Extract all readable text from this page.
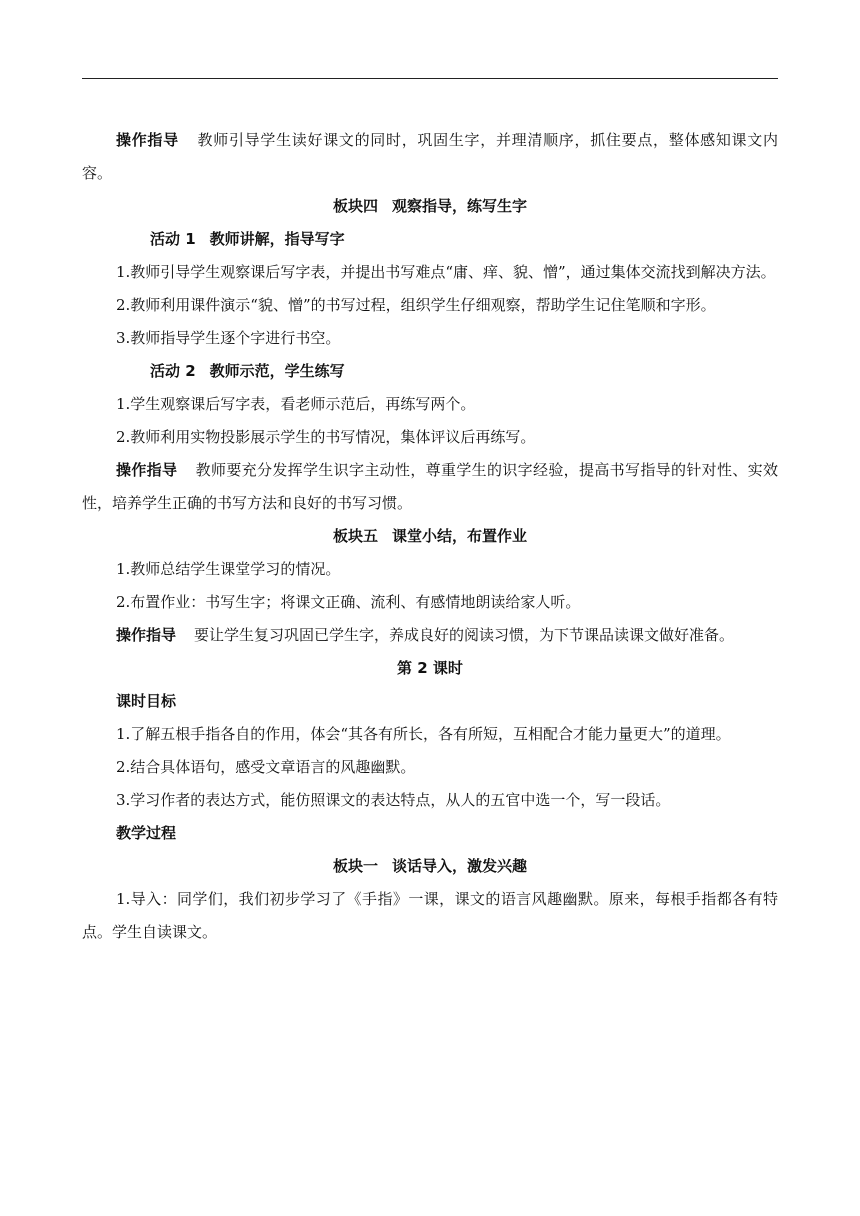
操作指导 教师引导学生读好课文的同时，巩固生字，并理清顺序，抓住要点，整体感知课文内容。

板块四 观察指导，练写生字

活动 1 教师讲解，指导写字

1.教师引导学生观察课后写字表，并提出书写难点“庸、痒、貌、憎”，通过集体交流找到解决方法。

2.教师利用课件演示“貌、憎”的书写过程，组织学生仔细观察，帮助学生记住笔顺和字形。

3.教师指导学生逐个字进行书空。

活动 2 教师示范，学生练写

1.学生观察课后写字表，看老师示范后，再练写两个。

2.教师利用实物投影展示学生的书写情况，集体评议后再练写。

操作指导 教师要充分发挥学生识字主动性，尊重学生的识字经验，提高书写指导的针对性、实效性，培养学生正确的书写方法和良好的书写习惯。

板块五 课堂小结，布置作业

1.教师总结学生课堂学习的情况。

2.布置作业：书写生字；将课文正确、流利、有感情地朗读给家人听。

操作指导 要让学生复习巩固已学生字，养成良好的阅读习惯，为下节课品读课文做好准备。

第 2 课时

课时目标

1.了解五根手指各自的作用，体会“其各有所长，各有所短，互相配合才能力量更大”的道理。

2.结合具体语句，感受文章语言的风趣幽默。

3.学习作者的表达方式，能仿照课文的表达特点，从人的五官中选一个，写一段话。

教学过程

板块一 谈话导入，激发兴趣

1.导入：同学们，我们初步学习了《手指》一课，课文的语言风趣幽默。原来，每根手指都各有特点。学生自读课文。
